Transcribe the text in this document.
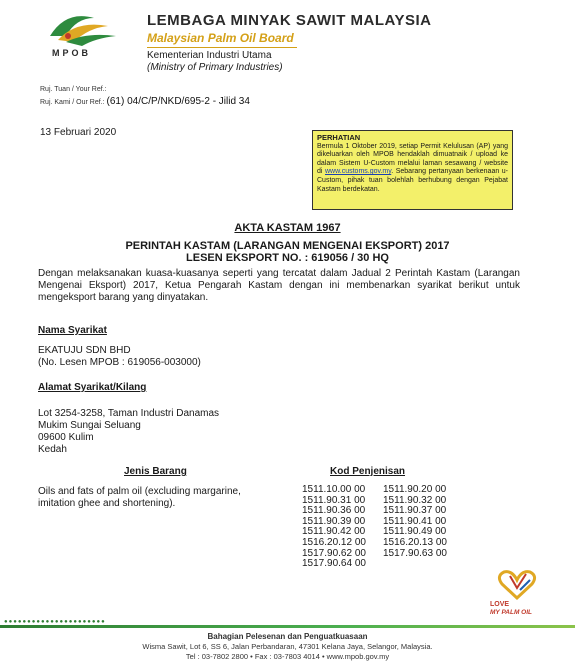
MPOB
LEMBAGA MINYAK SAWIT MALAYSIA
Malaysian Palm Oil Board
Kementerian Industri Utama
(Ministry of Primary Industries)
Ruj. Tuan / Your Ref.:
Ruj. Kami / Our Ref.: (61) 04/C/P/NKD/695-2 - Jilid 34
13 Februari 2020	PERHATIAN
Bermula 1 Oktober 2019, setiap Permit Kelulusan (AP) yang dikeluarkan oleh MPOB hendaklah dimuatnaik / upload ke dalam Sistem U-Custom melalui laman sesawang / website di www.customs.gov.my. Sebarang pertanyaan berkenaan u-Custom, pihak tuan bolehlah berhubung dengan Pejabat Kastam berdekatan.
AKTA KASTAM 1967
PERINTAH KASTAM (LARANGAN MENGENAI EKSPORT) 2017
LESEN EKSPORT NO. : 619056 / 30 HQ
Dengan melaksanakan kuasa-kuasanya seperti yang tercatat dalam Jadual 2 Perintah Kastam (Larangan Mengenai Eksport) 2017, Ketua Pengarah Kastam dengan ini membenarkan syarikat berikut untuk mengeksport barang yang dinyatakan.
Nama Syarikat
EKATUJU SDN BHD
(No. Lesen MPOB : 619056-003000)
Alamat Syarikat/Kilang
Lot 3254-3258, Taman Industri Danamas
Mukim Sungai Seluang
09600 Kulim
Kedah
Jenis Barang	Kod Penjenisan
Oils and fats of palm oil (excluding margarine,
imitation ghee and shortening).
1511.10.00 00 1511.90.20 00
1511.90.31 00 1511.90.32 00
1511.90.36 00 1511.90.37 00
1511.90.39 00 1511.90.41 00
1511.90.42 00 1511.90.49 00
1516.20.12 00 1516.20.13 00
1517.90.62 00 1517.90.63 00
1517.90.64 00
LOVE
MY PALM OIL
●●●●●●●●●●●●●●●●●●●●●●
Bahagian Pelesenan dan Penguatkuasaan
Wisma Sawit, Lot 6, SS 6, Jalan Perbandaran, 47301 Kelana Jaya, Selangor, Malaysia.
Tel : 03-7802 2800 • Fax : 03-7803 4014 • www.mpob.gov.my
